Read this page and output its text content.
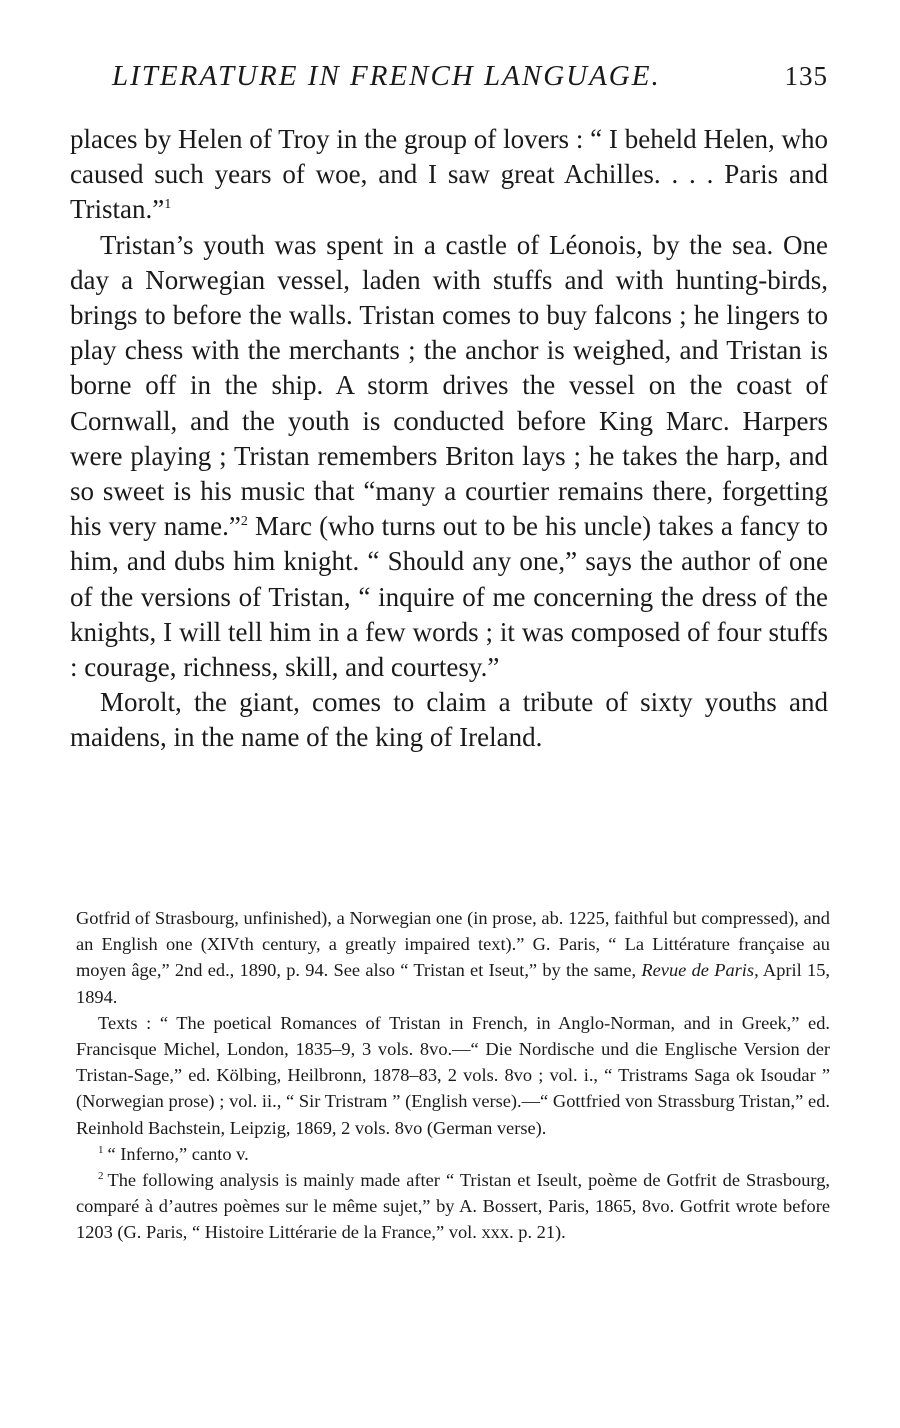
LITERATURE IN FRENCH LANGUAGE.	135

places by Helen of Troy in the group of lovers : “ I beheld Helen, who caused such years of woe, and I saw great Achilles. . . . Paris and Tristan.”$^1$

Tristan’s youth was spent in a castle of Léonois, by the sea. One day a Norwegian vessel, laden with stuffs and with hunting-birds, brings to before the walls. Tristan comes to buy falcons ; he lingers to play chess with the merchants ; the anchor is weighed, and Tristan is borne off in the ship. A storm drives the vessel on the coast of Cornwall, and the youth is conducted before King Marc. Harpers were playing ; Tristan remembers Briton lays ; he takes the harp, and so sweet is his music that “many a courtier remains there, forgetting his very name.”$^2$ Marc (who turns out to be his uncle) takes a fancy to him, and dubs him knight. “ Should any one,” says the author of one of the versions of Tristan, “ inquire of me concerning the dress of the knights, I will tell him in a few words ; it was composed of four stuffs : courage, richness, skill, and courtesy.”

Morolt, the giant, comes to claim a tribute of sixty youths and maidens, in the name of the king of Ireland.

Gotfrid of Strasbourg, unfinished), a Norwegian one (in prose, ab. 1225, faithful but compressed), and an English one (XIVth century, a greatly impaired text).” G. Paris, “ La Littérature française au moyen âge,” 2nd ed., 1890, p. 94. See also “ Tristan et Iseut,” by the same, Revue de Paris, April 15, 1894.

Texts : “ The poetical Romances of Tristan in French, in Anglo-Norman, and in Greek,” ed. Francisque Michel, London, 1835–9, 3 vols. 8vo.—“ Die Nordische und die Englische Version der Tristan-Sage,” ed. Kölbing, Heilbronn, 1878–83, 2 vols. 8vo ; vol. i., “ Tristrams Saga ok Isoudar ” (Norwegian prose) ; vol. ii., “ Sir Tristram ” (English verse).—“ Gottfried von Strassburg Tristan,” ed. Reinhold Bachstein, Leipzig, 1869, 2 vols. 8vo (German verse).

$^1$ “ Inferno,” canto v.

$^2$ The following analysis is mainly made after “ Tristan et Iseult, poème de Gotfrit de Strasbourg, comparé à d’autres poèmes sur le même sujet,” by A. Bossert, Paris, 1865, 8vo. Gotfrit wrote before 1203 (G. Paris, “ Histoire Littérarie de la France,” vol. xxx. p. 21).
